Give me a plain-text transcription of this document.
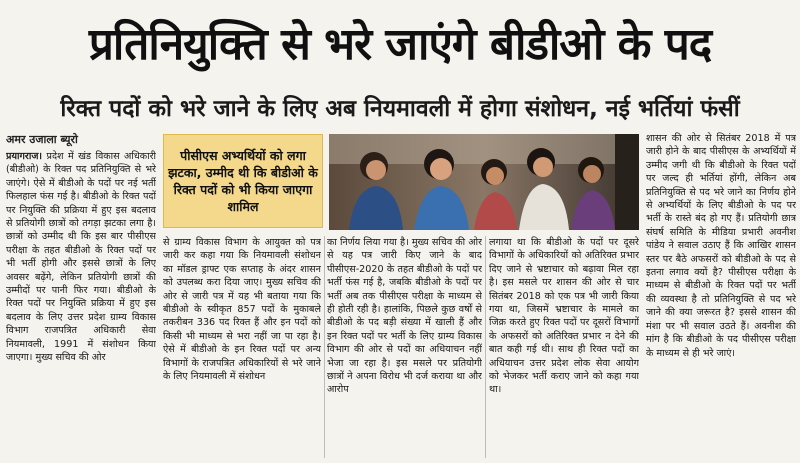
प्रतिनियुक्ति से भरे जाएंगे बीडीओ के पद
रिक्त पदों को भरे जाने के लिए अब नियमावली में होगा संशोधन, नई भर्तियां फंसीं
अमर उजाला ब्यूरो

प्रयागराज। प्रदेश में खंड विकास अधिकारी (बीडीओ) के रिक्त पद प्रतिनियुक्ति से भरे जाएंगे। ऐसे में बीडीओ के पदों पर नई भर्ती फिलहाल फंस गई है। बीडीओ के रिक्त पदों पर नियुक्ति की प्रक्रिया में हुए इस बदलाव से प्रतियोगी छात्रों को तगड़ा झटका लगा है। छात्रों को उम्मीद थी कि इस बार पीसीएस परीक्षा के तहत बीडीओ के रिक्त पदों पर भी भर्ती होगी और इससे छात्रों के लिए अवसर बढ़ेंगे, लेकिन प्रतियोगी छात्रों की उम्मीदों पर पानी फिर गया। बीडीओ के रिक्त पदों पर नियुक्ति प्रक्रिया में हुए इस बदलाव के लिए उत्तर प्रदेश ग्राम्य विकास विभाग राजपत्रित अधिकारी सेवा नियमावली, 1991 में संशोधन किया जाएगा। मुख्य सचिव की ओर

पीसीएस अभ्यर्थियों को लगा झटका, उम्मीद थी कि बीडीओ के रिक्त पदों को भी किया जाएगा शामिल

से ग्राम्य विकास विभाग के आयुक्त को पत्र जारी कर कहा गया कि नियमावली संशोधन का मॉडल ड्राफ्ट एक सप्ताह के अंदर शासन को उपलब्ध करा दिया जाए। मुख्य सचिव की ओर से जारी पत्र में यह भी बताया गया कि बीडीओ के स्वीकृत 857 पदों के मुकाबले तकरीबन 336 पद रिक्त हैं और इन पदों को किसी भी माध्यम से भरा नहीं जा पा रहा है। ऐसे में बीडीओ के इन रिक्त पदों पर अन्य विभागों के राजपत्रित अधिकारियों से भरे जाने के लिए नियमावली में संशोधन

का निर्णय लिया गया है। मुख्य सचिव की ओर से यह पत्र जारी किए जाने के बाद पीसीएस-2020 के तहत बीडीओ के पदों पर भर्ती फंस गई है, जबकि बीडीओ के पदों पर भर्ती अब तक पीसीएस परीक्षा के माध्यम से ही होती रही है। हालांकि, पिछले कुछ वर्षों से बीडीओ के पद बड़ी संख्या में खाली हैं और इन रिक्त पदों पर भर्ती के लिए ग्राम्य विकास विभाग की ओर से पदों का अधियाचन नहीं भेजा जा रहा है। इस मसले पर प्रतियोगी छात्रों ने अपना विरोध भी दर्ज कराया था और आरोप

लगाया था कि बीडीओ के पदों पर दूसरे विभागों के अधिकारियों को अतिरिक्त प्रभार दिए जाने से भ्रष्टाचार को बढ़ावा मिल रहा है। इस मसले पर शासन की ओर से चार सितंबर 2018 को एक पत्र भी जारी किया गया था, जिसमें भ्रष्टाचार के मामले का जिक्र करते हुए रिक्त पदों पर दूसरों विभागों के अफसरों को अतिरिक्त प्रभार न देने की बात कही गई थी। साथ ही रिक्त पदों का अधियाचन उत्तर प्रदेश लोक सेवा आयोग को भेजकर भर्ती कराए जाने को कहा गया था।

शासन की ओर से सितंबर 2018 में पत्र जारी होने के बाद पीसीएस के अभ्यर्थियों में उम्मीद जगी थी कि बीडीओ के रिक्त पदों पर जल्द ही भर्तियां होंगी, लेकिन अब प्रतिनियुक्ति से पद भरे जाने का निर्णय होने से अभ्यर्थियों के लिए बीडीओ के पद पर भर्ती के रास्ते बंद हो गए हैं। प्रतियोगी छात्र संघर्ष समिति के मीडिया प्रभारी अवनीश पांडेय ने सवाल उठाए हैं कि आखिर शासन स्तर पर बैठे अफसरों को बीडीओ के पद से इतना लगाव क्यों है? पीसीएस परीक्षा के माध्यम से बीडीओ के रिक्त पदों पर भर्ती की व्यवस्था है तो प्रतिनियुक्ति से पद भरे जाने की क्या जरूरत है? इससे शासन की मंशा पर भी सवाल उठते हैं। अवनीश की मांग है कि बीडीओ के पद पीसीएस परीक्षा के माध्यम से ही भरे जाएं।
